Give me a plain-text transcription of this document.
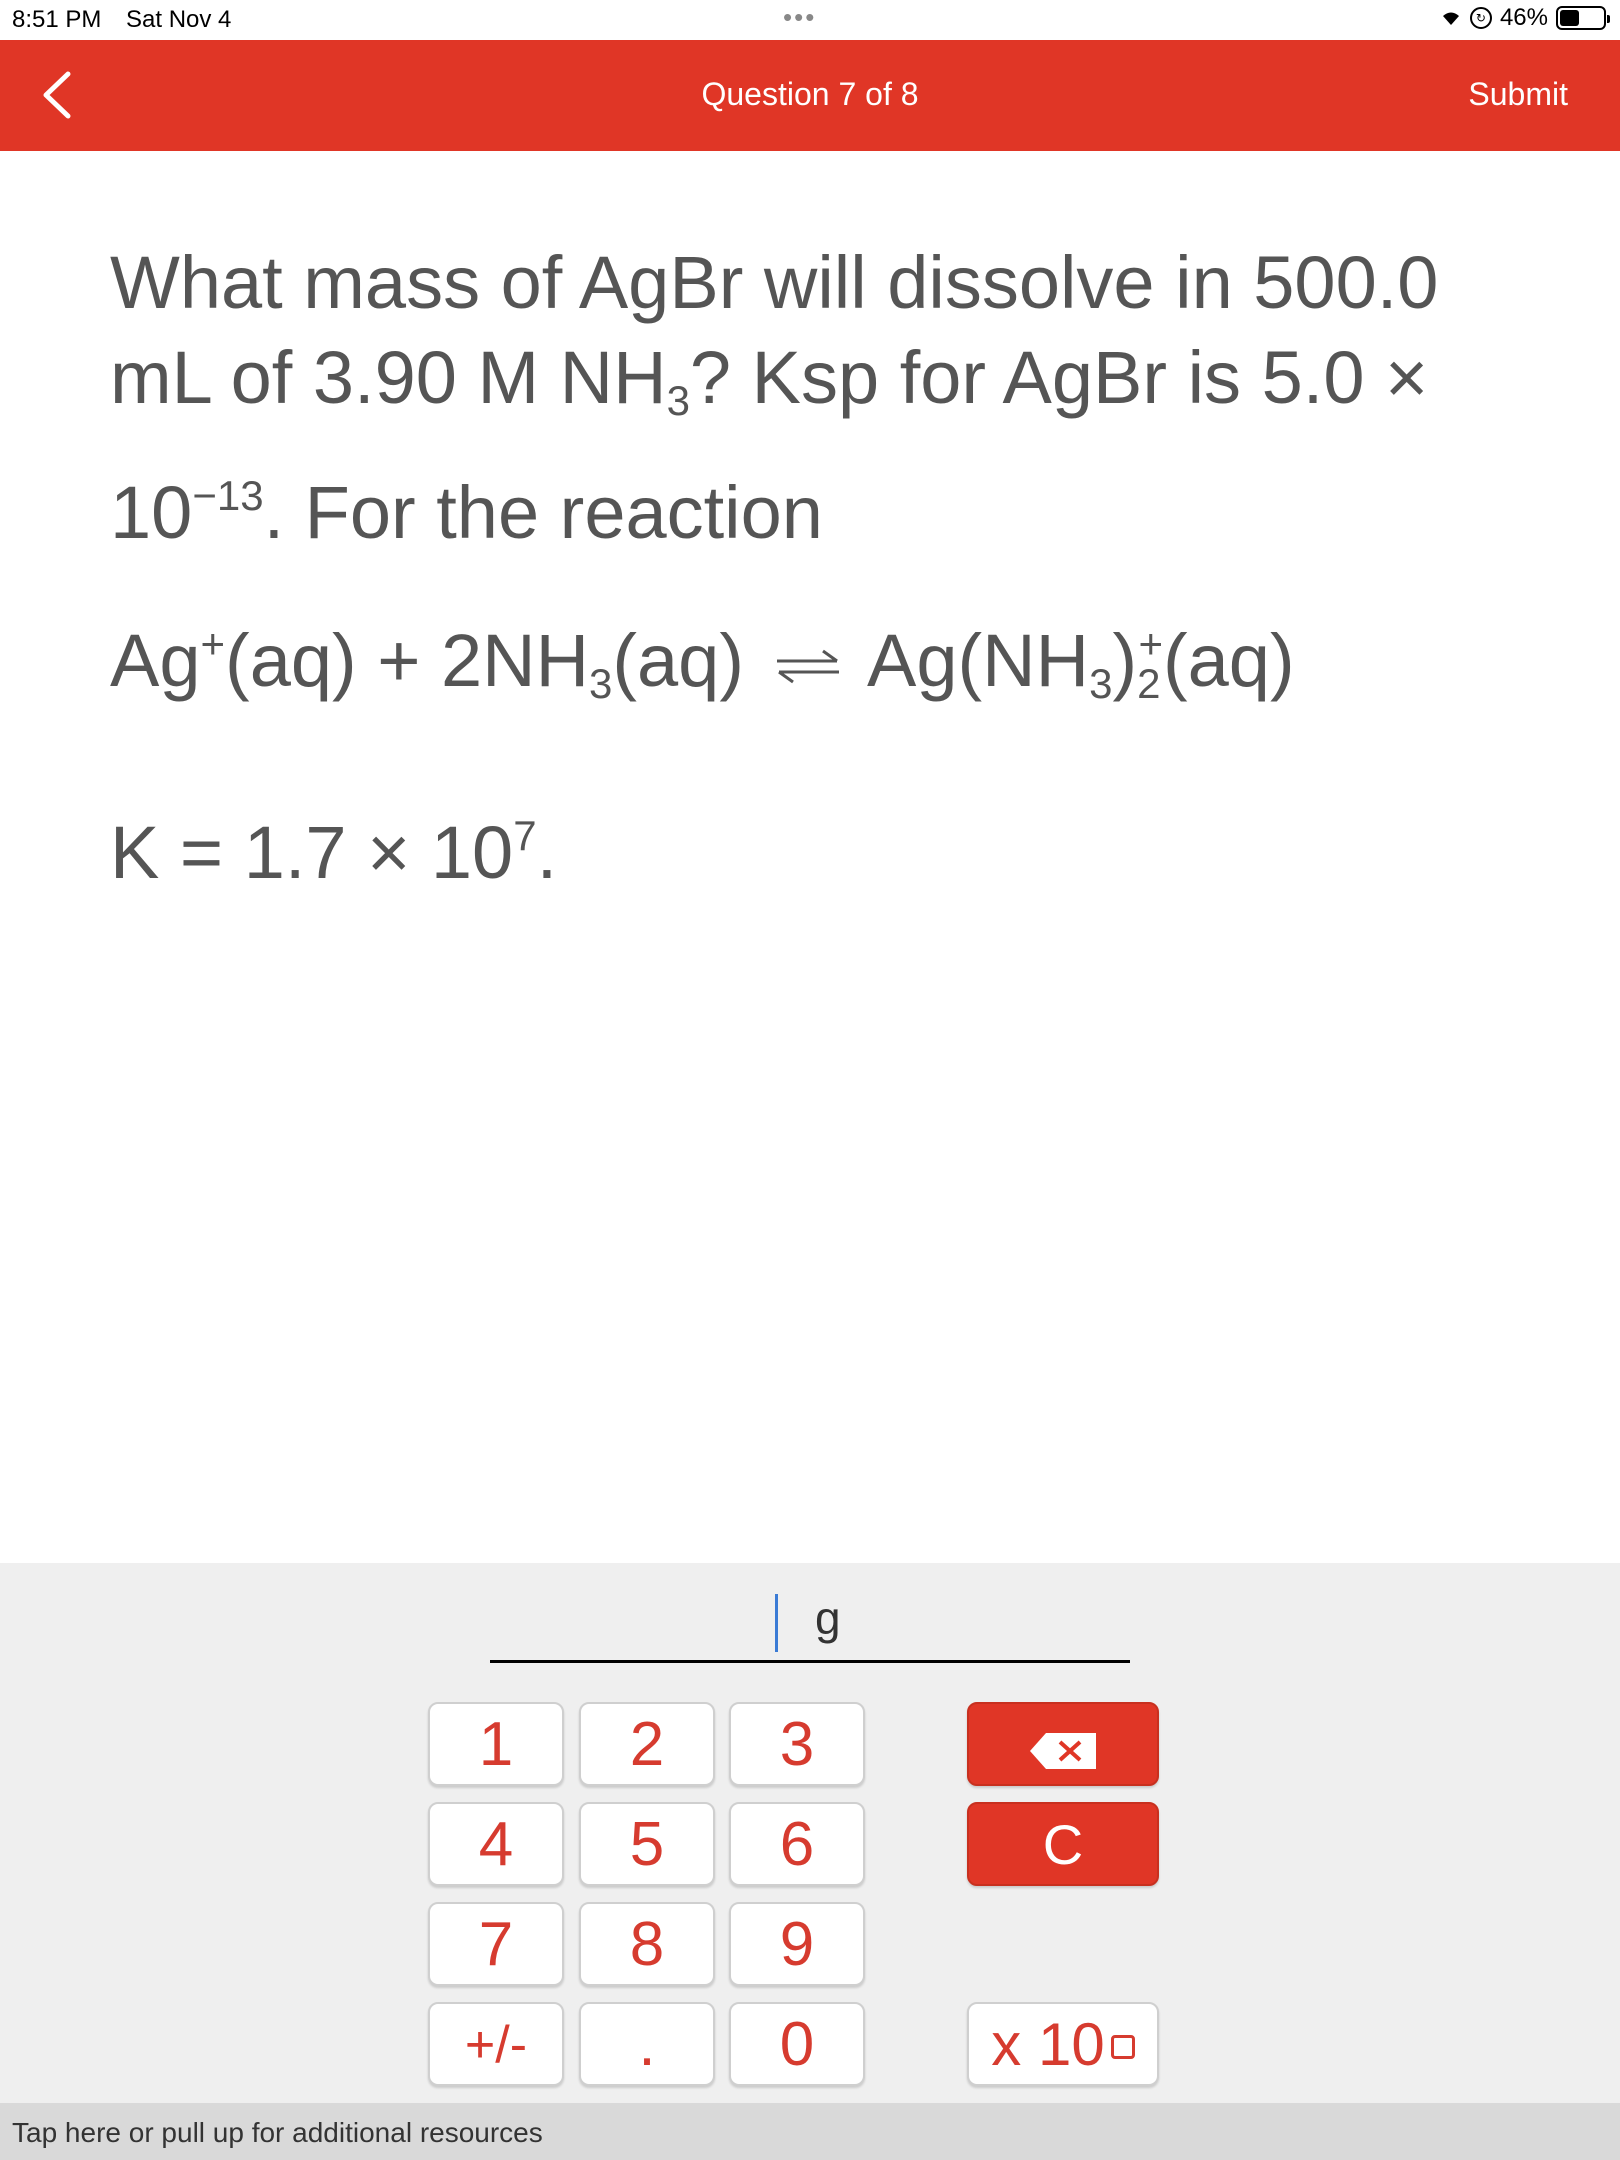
8:51 PM Sat Nov 4	•••	↻ 46%
Question 7 of 8	Submit
What mass of AgBr will dissolve in 500.0 mL of 3.90 M $NH_3$? Ksp for AgBr is $5.0 \times 10^{-13}$. For the reaction
$Ag^+(aq) + 2NH_3(aq)$ ⇌ $Ag(NH_3)_2^+(aq)$
$K = 1.7 \times 10^7$.
g
1	2	3
4	5	6
7	8	9
+/-	.	0
C
x 10
Tap here or pull up for additional resources
